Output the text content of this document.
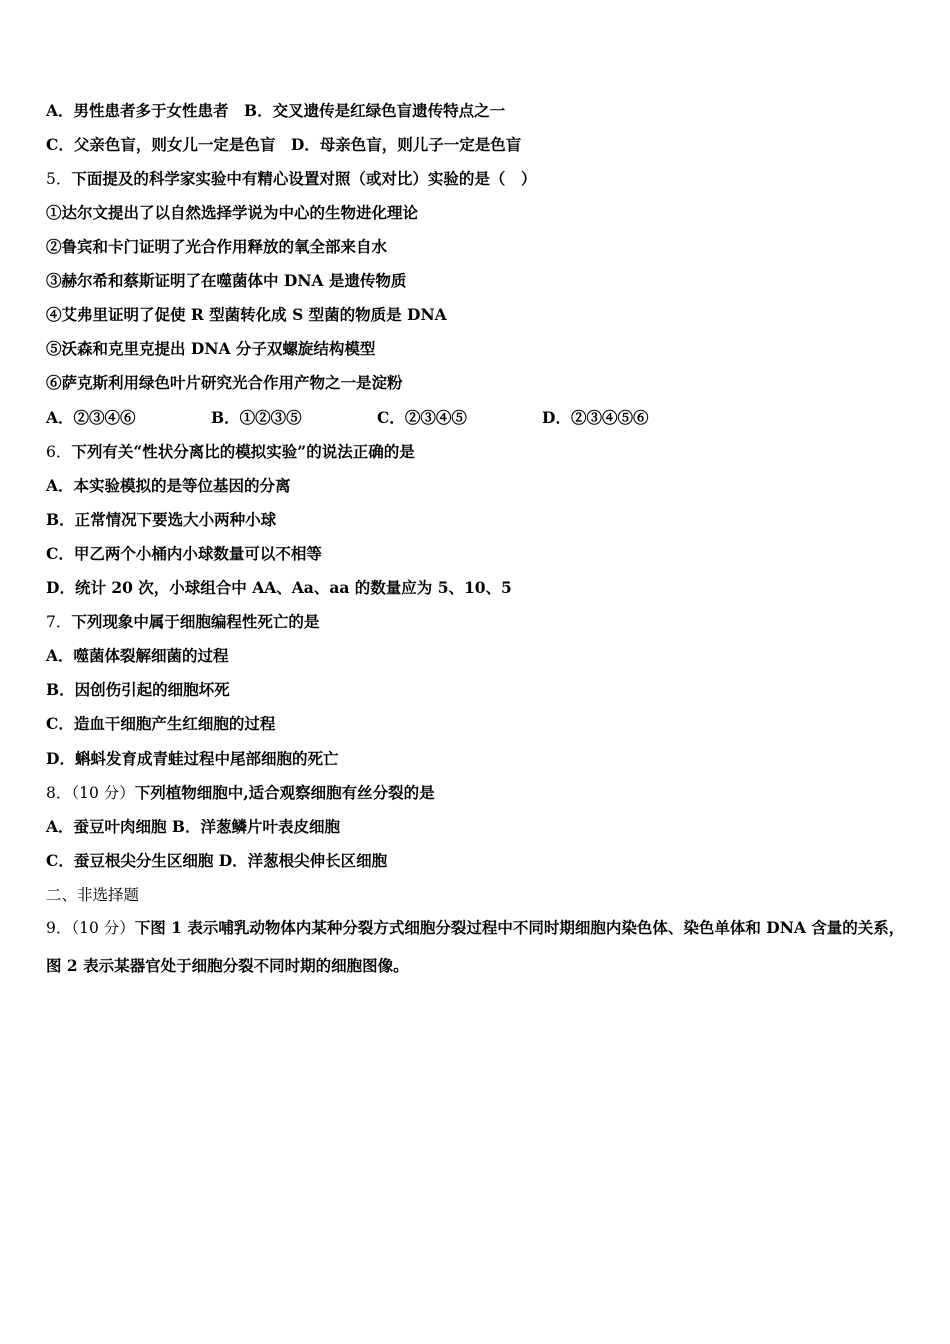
A．男性患者多于女性患者　B．交叉遗传是红绿色盲遗传特点之一
C．父亲色盲，则女儿一定是色盲　D．母亲色盲，则儿子一定是色盲
5．下面提及的科学家实验中有精心设置对照（或对比）实验的是（　）
①达尔文提出了以自然选择学说为中心的生物进化理论
②鲁宾和卡门证明了光合作用释放的氧全部来自水
③赫尔希和蔡斯证明了在噬菌体中 DNA 是遗传物质
④艾弗里证明了促使 R 型菌转化成 S 型菌的物质是 DNA
⑤沃森和克里克提出 DNA 分子双螺旋结构模型
⑥萨克斯利用绿色叶片研究光合作用产物之一是淀粉
A．②③④⑥	B．①②③⑤	C．②③④⑤	D．②③④⑤⑥
6．下列有关“性状分离比的模拟实验”的说法正确的是
A．本实验模拟的是等位基因的分离
B．正常情况下要选大小两种小球
C．甲乙两个小桶内小球数量可以不相等
D．统计 20 次，小球组合中 AA、Aa、aa 的数量应为 5、10、5
7．下列现象中属于细胞编程性死亡的是
A．噬菌体裂解细菌的过程
B．因创伤引起的细胞坏死
C．造血干细胞产生红细胞的过程
D．蝌蚪发育成青蛙过程中尾部细胞的死亡
8．（10 分）下列植物细胞中,适合观察细胞有丝分裂的是
A．蚕豆叶肉细胞 B．洋葱鳞片叶表皮细胞
C．蚕豆根尖分生区细胞 D．洋葱根尖伸长区细胞
二、非选择题
9．（10 分）下图 1 表示哺乳动物体内某种分裂方式细胞分裂过程中不同时期细胞内染色体、染色单体和 DNA 含量的关系，图 2 表示某器官处于细胞分裂不同时期的细胞图像。
